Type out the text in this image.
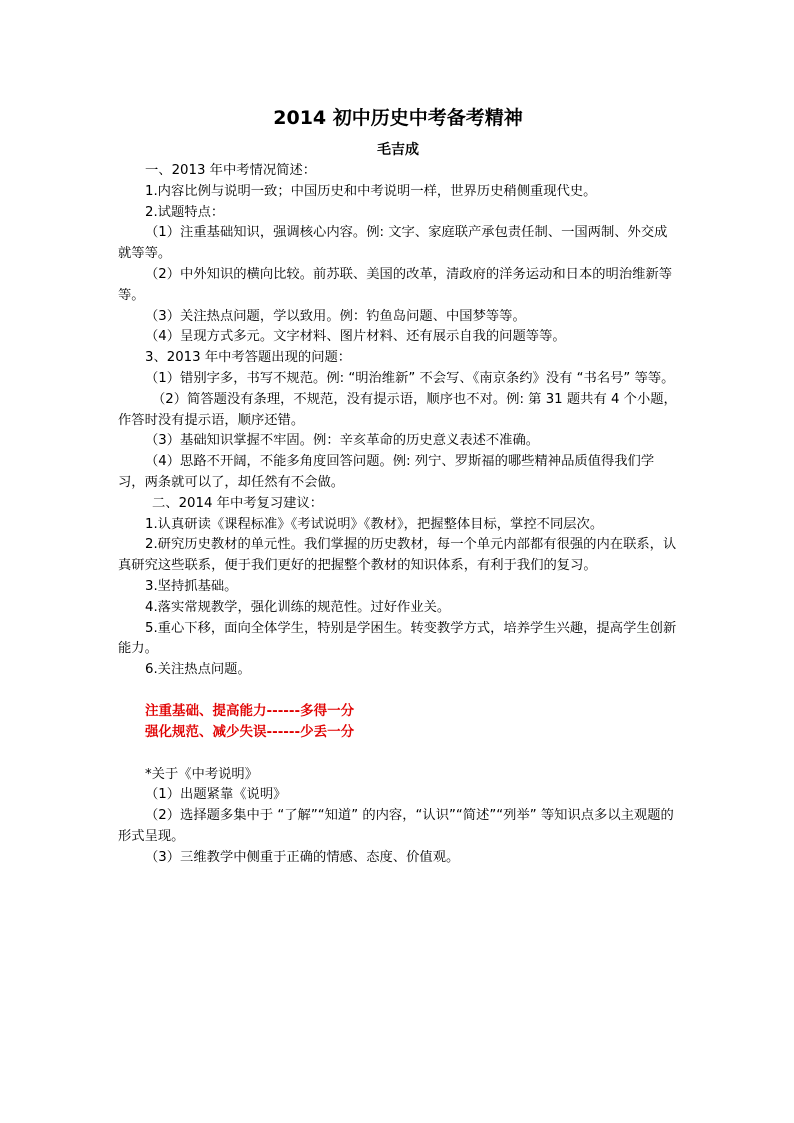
2014 初中历史中考备考精神
毛吉成

一、2013 年中考情况简述：

1.内容比例与说明一致；中国历史和中考说明一样，世界历史稍侧重现代史。

2.试题特点：

（1）注重基础知识，强调核心内容。例: 文字、家庭联产承包责任制、一国两制、外交成就等等。

（2）中外知识的横向比较。前苏联、美国的改革，清政府的洋务运动和日本的明治维新等等。

（3）关注热点问题，学以致用。例：钓鱼岛问题、中国梦等等。

（4）呈现方式多元。文字材料、图片材料、还有展示自我的问题等等。

3、2013 年中考答题出现的问题：

（1）错别字多，书写不规范。例: “明治维新” 不会写、《南京条约》没有 “书名号” 等等。

（2）简答题没有条理，不规范，没有提示语，顺序也不对。例: 第 31 题共有 4 个小题，作答时没有提示语，顺序还错。

（3）基础知识掌握不牢固。例：辛亥革命的历史意义表述不准确。

（4）思路不开阔，不能多角度回答问题。例: 列宁、罗斯福的哪些精神品质值得我们学习，两条就可以了，却任然有不会做。

二、2014 年中考复习建议：

1.认真研读《课程标准》《考试说明》《教材》，把握整体目标，掌控不同层次。

2.研究历史教材的单元性。我们掌握的历史教材，每一个单元内部都有很强的内在联系，认真研究这些联系，便于我们更好的把握整个教材的知识体系，有利于我们的复习。

3.坚持抓基础。

4.落实常规教学，强化训练的规范性。过好作业关。

5.重心下移，面向全体学生，特别是学困生。转变教学方式，培养学生兴趣，提高学生创新能力。

6.关注热点问题。

注重基础、提高能力------多得一分

强化规范、减少失误------少丢一分

*关于《中考说明》

（1）出题紧靠《说明》

（2）选择题多集中于 “了解”“知道” 的内容，“认识”“简述”“列举” 等知识点多以主观题的形式呈现。

（3）三维教学中侧重于正确的情感、态度、价值观。
